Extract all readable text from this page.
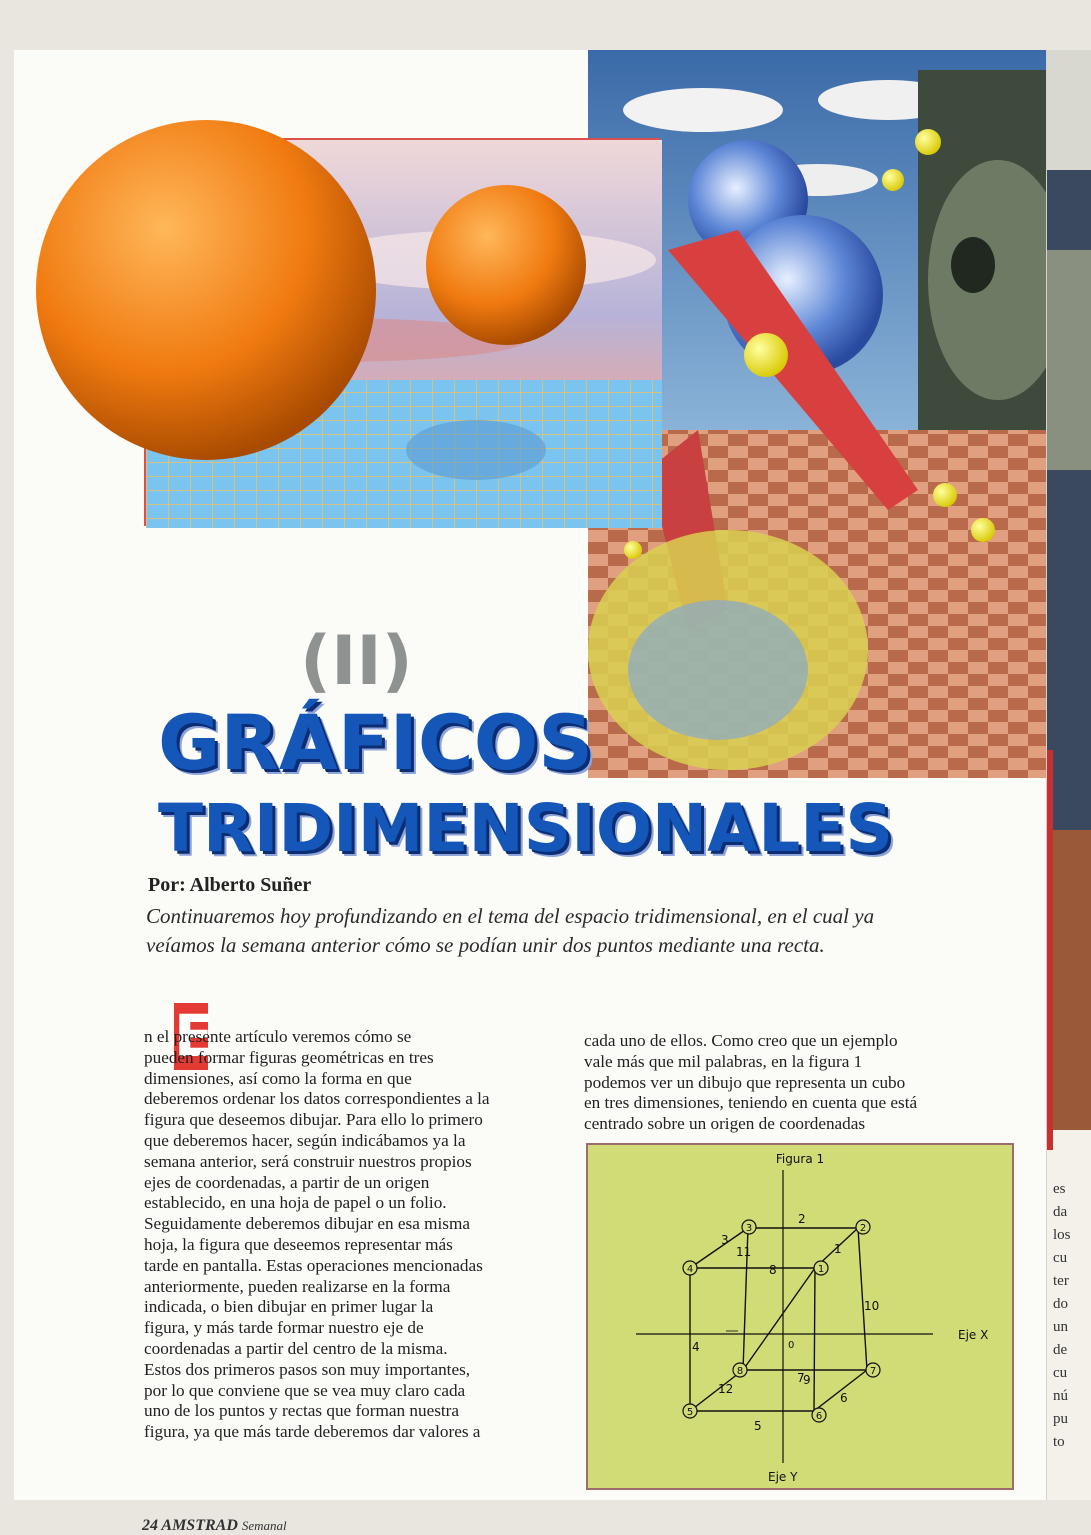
(II)
GRÁFICOS
TRIDIMENSIONALES
Por: Alberto Suñer
Continuaremos hoy profundizando en el tema del espacio tridimensional, en el cual ya veíamos la semana anterior cómo se podían unir dos puntos mediante una recta.
E
n el presente artículo veremos cómo se
pueden formar figuras geométricas en tres
dimensiones, así como la forma en que
deberemos ordenar los datos correspondientes a la
figura que deseemos dibujar. Para ello lo primero
que deberemos hacer, según indicábamos ya la
semana anterior, será construir nuestros propios
ejes de coordenadas, a partir de un origen
establecido, en una hoja de papel o un folio.
Seguidamente deberemos dibujar en esa misma
hoja, la figura que deseemos representar más
tarde en pantalla. Estas operaciones mencionadas
anteriormente, pueden realizarse en la forma
indicada, o bien dibujar en primer lugar la
figura, y más tarde formar nuestro eje de
coordenadas a partir del centro de la misma.
Estos dos primeros pasos son muy importantes,
por lo que conviene que se vea muy claro cada
uno de los puntos y rectas que forman nuestra
figura, ya que más tarde deberemos dar valores a
cada uno de ellos. Como creo que un ejemplo
vale más que mil palabras, en la figura 1
podemos ver un dibujo que representa un cubo
en tres dimensiones, teniendo en cuenta que está
centrado sobre un origen de coordenadas
Figura 1
Eje X
Eje Y
0
1
2
3
4
5	6
7
8
1
2
3
4
5
6
7
8
9
10
11
12
24 AMSTRAD Semanal
es
da
los
cu
ter
do
un
de
cu
nú
pu
to
